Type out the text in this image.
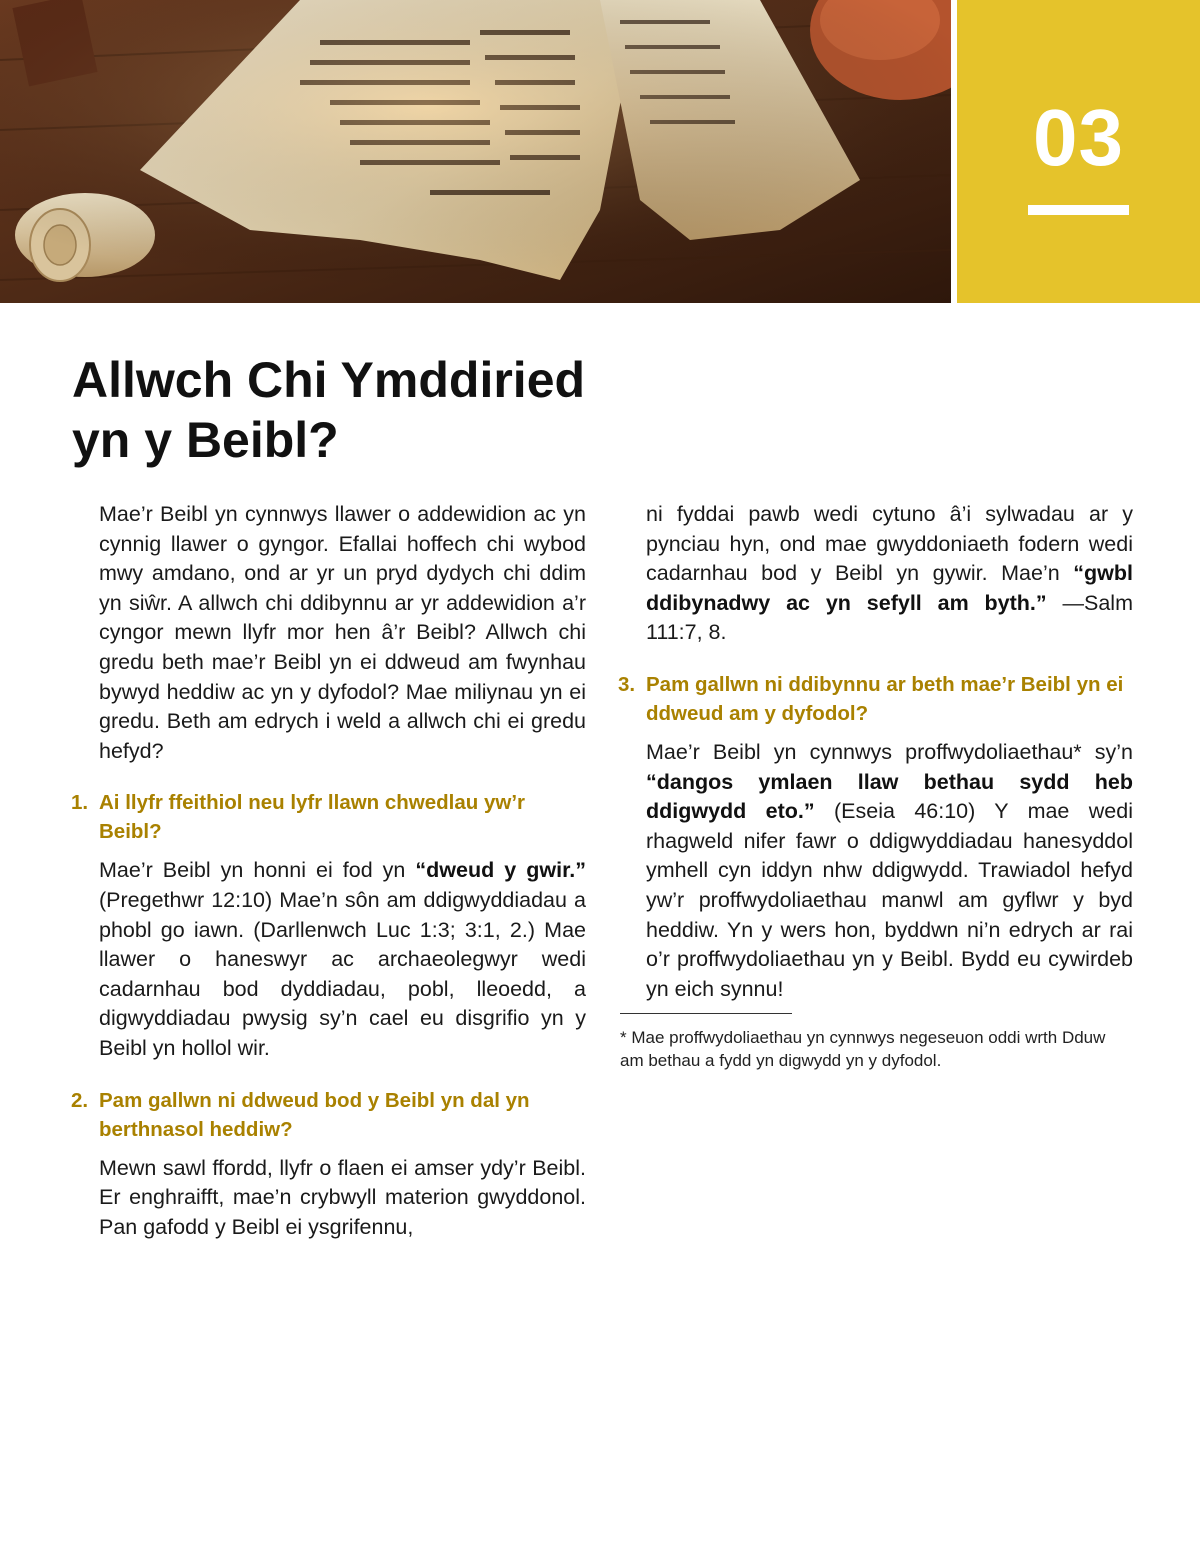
03
Allwch Chi Ymddiried
yn y Beibl?

Mae’r Beibl yn cynnwys llawer o addewidion ac yn cynnig llawer o gyngor. Efallai hoffech chi wybod mwy amdano, ond ar yr un pryd dydych chi ddim yn siŵr. A allwch chi ddibynnu ar yr addewidion a’r cyngor mewn llyfr mor hen â’r Beibl? Allwch chi gredu beth mae’r Beibl yn ei ddweud am fwynhau bywyd heddiw ac yn y dyfodol? Mae miliynau yn ei gredu. Beth am edrych i weld a allwch chi ei gredu hefyd?

1. Ai llyfr ffeithiol neu lyfr llawn chwedlau yw’r Beibl?

Mae’r Beibl yn honni ei fod yn “dweud y gwir.” (Pregethwr 12:10) Mae’n sôn am ddigwyddiadau a phobl go iawn. (Darllenwch Luc 1:3; 3:1, 2.) Mae llawer o haneswyr ac archaeolegwyr wedi cadarnhau bod dyddiadau, pobl, lleoedd, a digwyddiadau pwysig sy’n cael eu disgrifio yn y Beibl yn hollol wir.

2. Pam gallwn ni ddweud bod y Beibl yn dal yn berthnasol heddiw?

Mewn sawl ffordd, llyfr o flaen ei amser ydy’r Beibl. Er enghraifft, mae’n crybwyll materion gwyddonol. Pan gafodd y Beibl ei ysgrifennu,

ni fyddai pawb wedi cytuno â’i sylwadau ar y pynciau hyn, ond mae gwyddoniaeth fodern wedi cadarnhau bod y Beibl yn gywir. Mae’n “gwbl ddibynadwy ac yn sefyll am byth.” —Salm 111:7, 8.

3. Pam gallwn ni ddibynnu ar beth mae’r Beibl yn ei ddweud am y dyfodol?

Mae’r Beibl yn cynnwys proffwydoliaethau* sy’n “dangos ymlaen llaw bethau sydd heb ddigwydd eto.” (Eseia 46:10) Y mae wedi rhagweld nifer fawr o ddigwyddiadau hanesyddol ymhell cyn iddyn nhw ddigwydd. Trawiadol hefyd yw’r proffwydoliaethau manwl am gyflwr y byd heddiw. Yn y wers hon, byddwn ni’n edrych ar rai o’r proffwydoliaethau yn y Beibl. Bydd eu cywirdeb yn eich synnu!

* Mae proffwydoliaethau yn cynnwys negeseuon oddi wrth Dduw am bethau a fydd yn digwydd yn y dyfodol.
